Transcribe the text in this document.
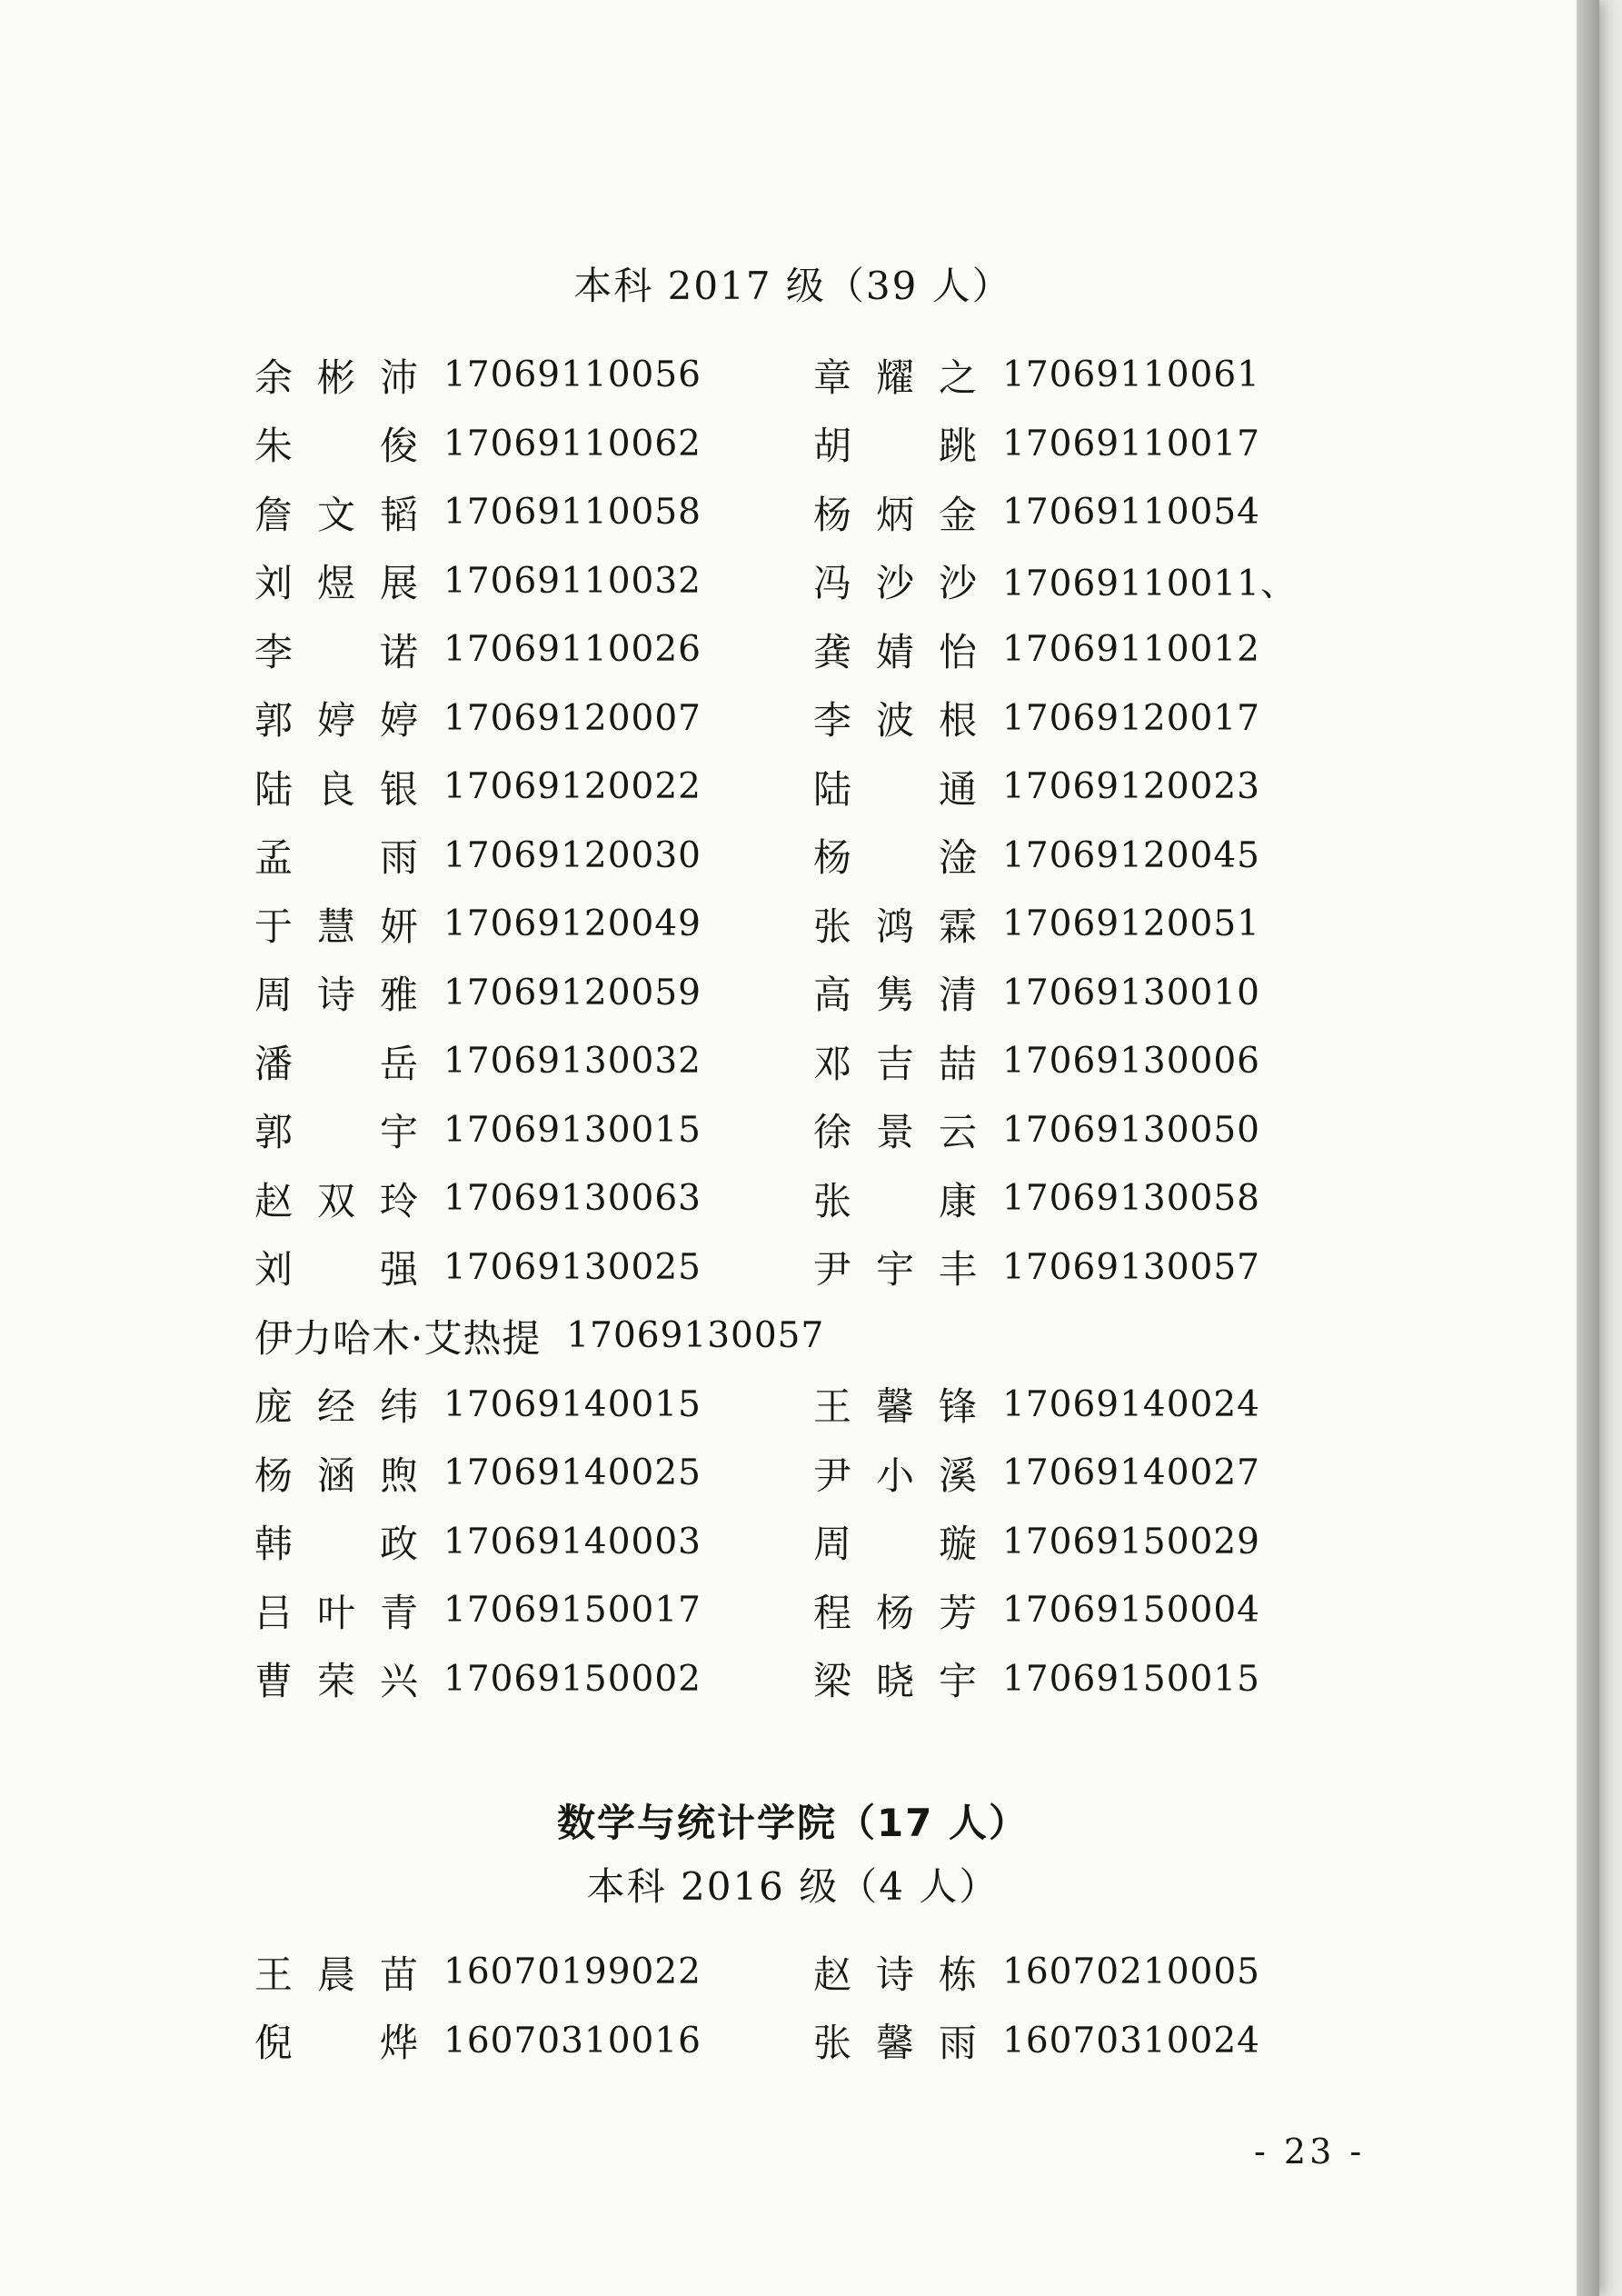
本科 2017 级（39 人）
余 彬 沛 17069110056	章 耀 之 17069110061
朱 俊 17069110062	胡 跳 17069110017
詹 文 韬 17069110058	杨 炳 金 17069110054
刘 煜 展 17069110032	冯 沙 沙 17069110011、
李 诺 17069110026	龚 婧 怡 17069110012
郭 婷 婷 17069120007	李 波 根 17069120017
陆 良 银 17069120022	陆 通 17069120023
孟 雨 17069120030	杨 淦 17069120045
于 慧 妍 17069120049	张 鸿 霖 17069120051
周 诗 雅 17069120059	高 隽 清 17069130010
潘 岳 17069130032	邓 吉 喆 17069130006
郭 宇 17069130015	徐 景 云 17069130050
赵 双 玲 17069130063	张 康 17069130058
刘 强 17069130025	尹 宇 丰 17069130057
伊力哈木·艾热提 17069130057
庞 经 纬 17069140015	王 馨 锋 17069140024
杨 涵 煦 17069140025	尹 小 溪 17069140027
韩 政 17069140003	周 璇 17069150029
吕 叶 青 17069150017	程 杨 芳 17069150004
曹 荣 兴 17069150002	梁 晓 宇 17069150015
数学与统计学院（17 人）
本科 2016 级（4 人）
王 晨 苗 16070199022	赵 诗 栋 16070210005
倪 烨 16070310016	张 馨 雨 16070310024
- 23 -
